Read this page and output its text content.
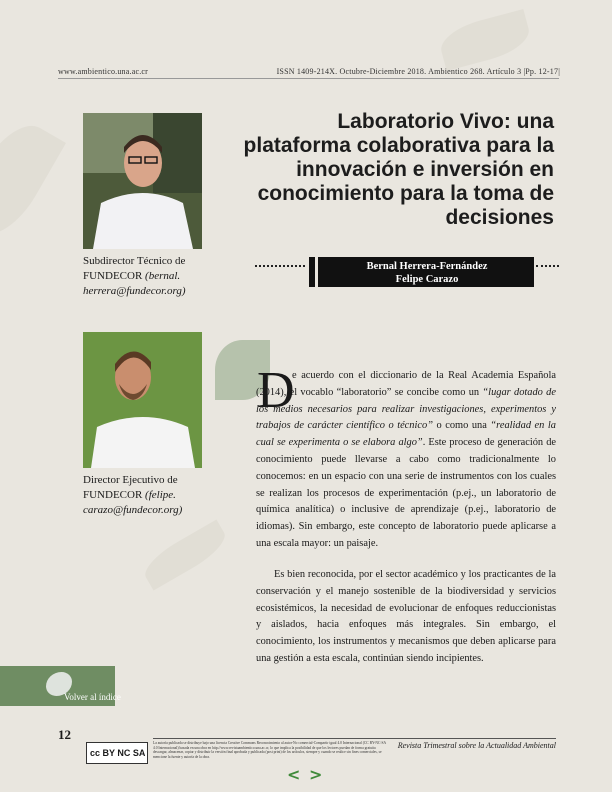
www.ambientico.una.ac.cr	ISSN 1409-214X. Octubre-Diciembre 2018. Ambientico 268. Artículo 3 |Pp. 12-17|
Subdirector Técnico de FUNDECOR (bernal. herrera@fundecor.org)
Director Ejecutivo de FUNDECOR (felipe. carazo@fundecor.org)
Laboratorio Vivo: una plataforma colaborativa para la innovación e inversión en conocimiento para la toma de decisiones
Bernal Herrera-Fernández
Felipe Carazo
D
e acuerdo con el diccionario de la Real Academia Española (2014), el vocablo “laboratorio” se concibe como un “lugar dotado de los medios necesarios para realizar investigaciones, experimentos y trabajos de carácter científico o técnico” o como una “realidad en la cual se experimenta o se elabora algo”. Este proceso de generación de conocimiento puede llevarse a cabo como tradicionalmente lo conocemos: en un espacio con una serie de instrumentos con los cuales se realizan los procesos de experimentación (p.ej., un laboratorio de química analítica) o inclusive de aprendizaje (p.ej., laboratorio de idiomas). Sin embargo, este concepto de laboratorio puede aplicarse a una escala mayor: un paisaje.
Es bien reconocida, por el sector académico y los practicantes de la conservación y el manejo sostenible de la biodiversidad y servicios ecosistémicos, la necesidad de evolucionar de enfoques reduccionistas y aislados, hacia enfoques más integrales. Sin embargo, el conocimiento, los instrumentos y mecanismos que deben aplicarse para una gestión a esta escala, continúan siendo incipientes.
Volver al índice
12
cc BY NC SA
La autoría publicada se distribuye bajo una licencia Creative Commons Reconocimiento al autor-No comercial-Compartir igual 4.0 Internacional (CC BY-NC-SA 4.0 Internacional) basada en una obra en http://www.revistaambientico.una.ac.cr, lo que implica la posibilidad de que los lectores puedan de forma gratuita descargar, almacenar, copiar y distribuir la versión final aprobada y publicada (post print) de los artículos, siempre y cuando se realice sin fines comerciales, se mencione la fuente y autoría de la obra.
Revista Trimestral sobre la Actualidad Ambiental
< >
